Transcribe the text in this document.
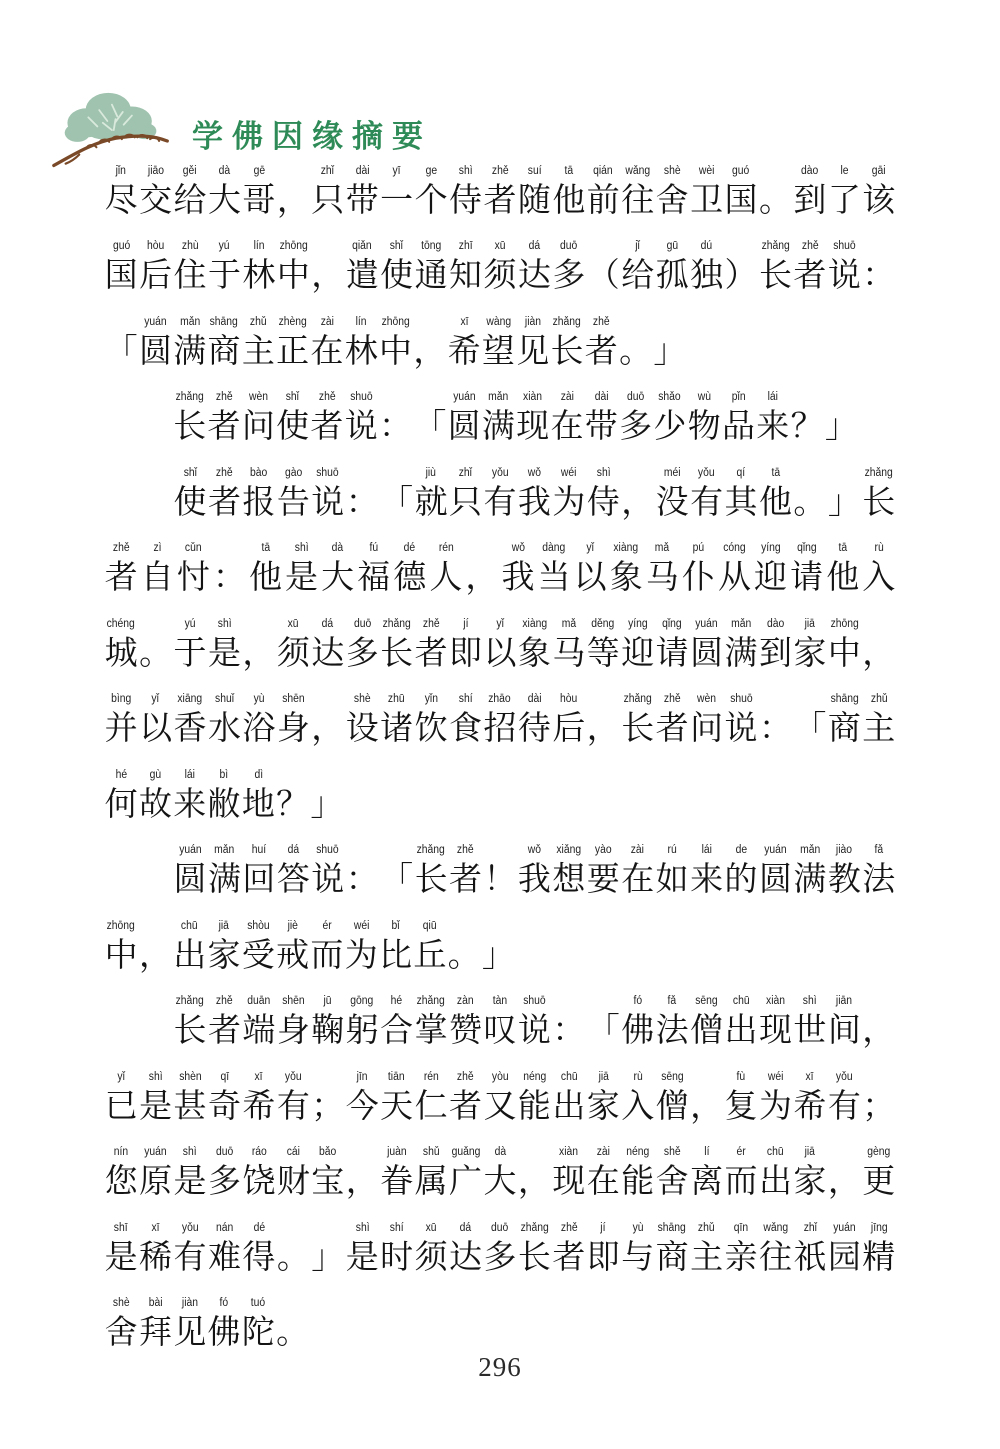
学佛因缘摘要
jǐn
尽
jiāo
交
gěi
给
dà
大
gē
哥 ，
zhǐ
只
dài
带
yī
一
ge
个
shì
侍
zhě
者
suí
随
tā
他
qián
前
wǎng
往
shè
舍
wèi
卫
guó
国 。
dào
到
le
了
gāi
该
guó
国
hòu
后
zhù
住
yú
于
lín
林
zhōng
中 ，
qiǎn
遣
shǐ
使
tōng
通
zhī
知
xū
须
dá
达
duō
多 （
jǐ
给
gū
孤
dú
独 ）
zhǎng
长
zhě
者
shuō
说 ：
「
yuán
圆
mǎn
满
shāng
商
zhǔ
主
zhèng
正
zài
在
lín
林
zhōng
中 ，
xī
希
wàng
望
jiàn
见
zhǎng
长
zhě
者 。 」
zhǎng
长
zhě
者
wèn
问
shǐ
使
zhě
者
shuō
说 ： 「
yuán
圆
mǎn
满
xiàn
现
zài
在
dài
带
duō
多
shǎo
少
wù
物
pǐn
品
lái
来 ？ 」
shǐ
使
zhě
者
bào
报
gào
告
shuō
说 ： 「
jiù
就
zhǐ
只
yǒu
有
wǒ
我
wéi
为
shì
侍 ，
méi
没
yǒu
有
qí
其
tā
他 。 」
zhǎng
长
zhě
者
zì
自
cǔn
忖 ：
tā
他
shì
是
dà
大
fú
福
dé
德
rén
人 ，
wǒ
我
dàng
当
yǐ
以
xiàng
象
mǎ
马
pú
仆
cóng
从
yíng
迎
qǐng
请
tā
他
rù
入
chéng
城 。
yú
于
shì
是 ，
xū
须
dá
达
duō
多
zhǎng
长
zhě
者
jí
即
yǐ
以
xiàng
象
mǎ
马
děng
等
yíng
迎
qǐng
请
yuán
圆
mǎn
满
dào
到
jiā
家
zhōng
中 ，
bìng
并
yǐ
以
xiāng
香
shuǐ
水
yù
浴
shēn
身 ，
shè
设
zhū
诸
yǐn
饮
shí
食
zhāo
招
dài
待
hòu
后 ，
zhǎng
长
zhě
者
wèn
问
shuō
说 ： 「
shāng
商
zhǔ
主
hé
何
gù
故
lái
来
bì
敝
dì
地 ？ 」
yuán
圆
mǎn
满
huí
回
dá
答
shuō
说 ： 「
zhǎng
长
zhě
者 ！
wǒ
我
xiǎng
想
yào
要
zài
在
rú
如
lái
来
de
的
yuán
圆
mǎn
满
jiào
教
fǎ
法
zhōng
中 ，
chū
出
jiā
家
shòu
受
jiè
戒
ér
而
wéi
为
bǐ
比
qiū
丘 。 」
zhǎng
长
zhě
者
duān
端
shēn
身
jū
鞠
gōng
躬
hé
合
zhǎng
掌
zàn
赞
tàn
叹
shuō
说 ： 「
fó
佛
fǎ
法
sēng
僧
chū
出
xiàn
现
shì
世
jiān
间 ，
yǐ
已
shì
是
shèn
甚
qī
奇
xī
希
yǒu
有 ；
jīn
今
tiān
天
rén
仁
zhě
者
yòu
又
néng
能
chū
出
jiā
家
rù
入
sēng
僧 ，
fù
复
wéi
为
xī
希
yǒu
有 ；
nín
您
yuán
原
shì
是
duō
多
ráo
饶
cái
财
bǎo
宝 ，
juàn
眷
shǔ
属
guǎng
广
dà
大 ，
xiàn
现
zài
在
néng
能
shě
舍
lí
离
ér
而
chū
出
jiā
家 ，
gèng
更
shī
是
xī
稀
yǒu
有
nán
难
dé
得 。 」
shì
是
shí
时
xū
须
dá
达
duō
多
zhǎng
长
zhě
者
jí
即
yù
与
shāng
商
zhǔ
主
qīn
亲
wǎng
往
zhǐ
祇
yuán
园
jīng
精
shè
舍
bài
拜
jiàn
见
fó
佛
tuó
陀 。
296
